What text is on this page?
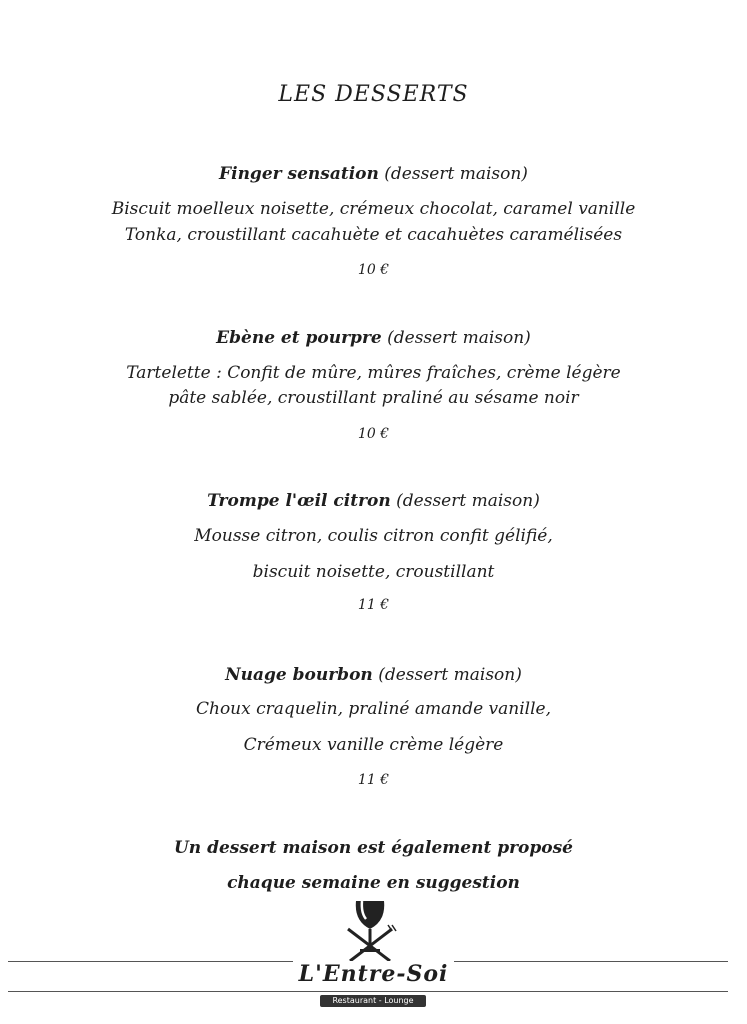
LES DESSERTS
Finger sensation (dessert maison)
Biscuit moelleux noisette, crémeux chocolat, caramel vanille
Tonka, croustillant cacahuète et cacahuètes caramélisées
10 €
Ebène et pourpre (dessert maison)
Tartelette : Confit de mûre, mûres fraîches, crème légère
pâte sablée, croustillant praliné au sésame noir
10 €
Trompe l'œil citron (dessert maison)
Mousse citron, coulis citron confit gélifié,
biscuit noisette, croustillant
11 €
Nuage bourbon (dessert maison)
Choux craquelin, praliné amande vanille,
Crémeux vanille crème légère
11 €
Un dessert maison est également proposé
chaque semaine en suggestion
L'Entre-Soi
Restaurant - Lounge
